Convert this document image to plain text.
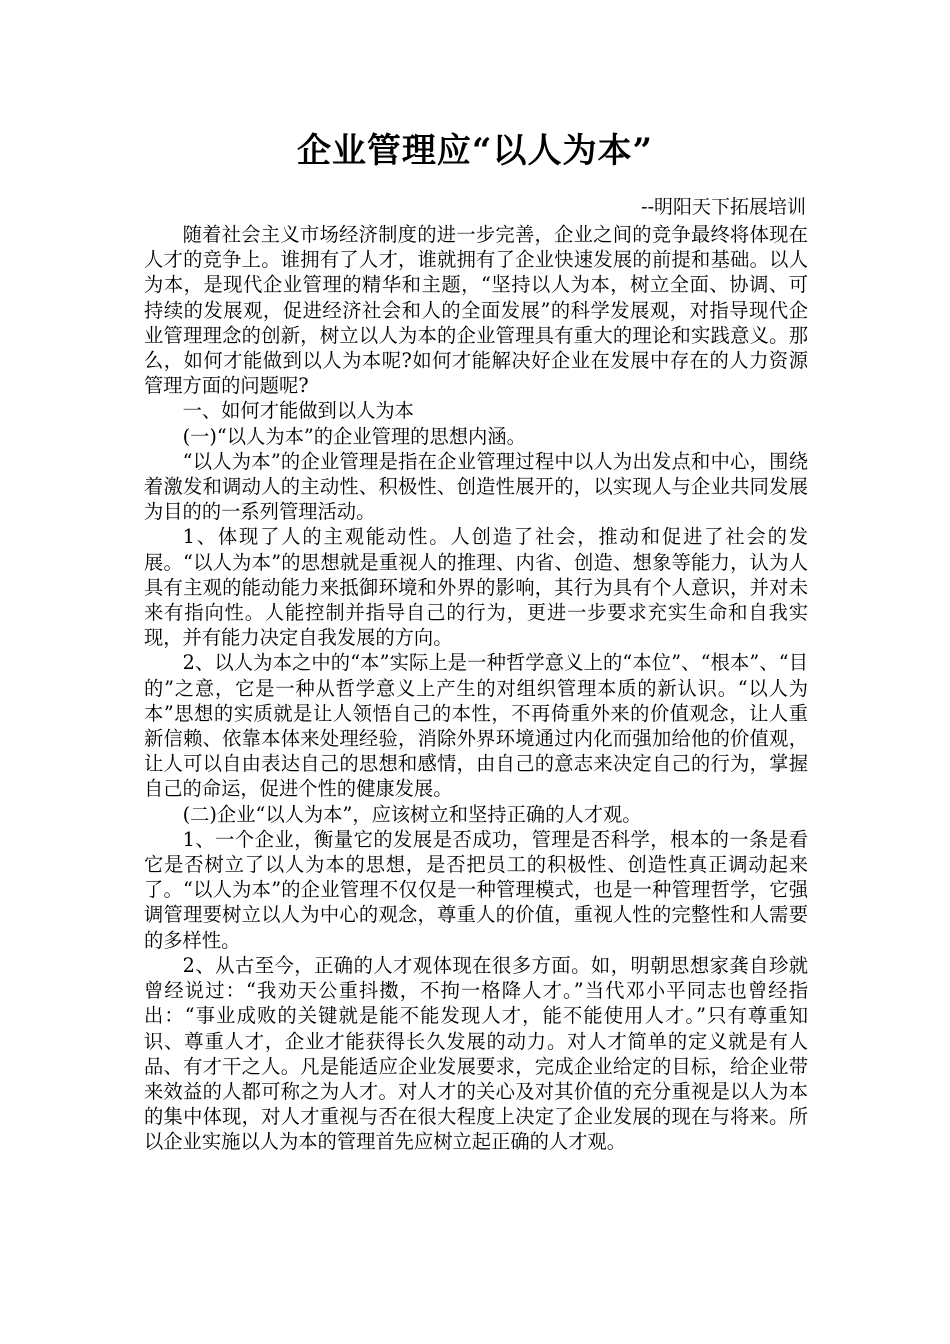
企业管理应“以人为本”
--明阳天下拓展培训

随着社会主义市场经济制度的进一步完善，企业之间的竞争最终将体现在人才的竞争上。谁拥有了人才，谁就拥有了企业快速发展的前提和基础。以人为本，是现代企业管理的精华和主题，“坚持以人为本，树立全面、协调、可持续的发展观，促进经济社会和人的全面发展”的科学发展观，对指导现代企业管理理念的创新，树立以人为本的企业管理具有重大的理论和实践意义。那么，如何才能做到以人为本呢?如何才能解决好企业在发展中存在的人力资源管理方面的问题呢?

一、如何才能做到以人为本

(一)“以人为本”的企业管理的思想内涵。

“以人为本”的企业管理是指在企业管理过程中以人为出发点和中心，围绕着激发和调动人的主动性、积极性、创造性展开的，以实现人与企业共同发展为目的的一系列管理活动。

1、体现了人的主观能动性。人创造了社会，推动和促进了社会的发展。“以人为本”的思想就是重视人的推理、内省、创造、想象等能力，认为人具有主观的能动能力来抵御环境和外界的影响，其行为具有个人意识，并对未来有指向性。人能控制并指导自己的行为，更进一步要求充实生命和自我实现，并有能力决定自我发展的方向。

2、以人为本之中的“本”实际上是一种哲学意义上的“本位”、“根本”、“目的”之意，它是一种从哲学意义上产生的对组织管理本质的新认识。“以人为本”思想的实质就是让人领悟自己的本性，不再倚重外来的价值观念，让人重新信赖、依靠本体来处理经验，消除外界环境通过内化而强加给他的价值观，让人可以自由表达自己的思想和感情，由自己的意志来决定自己的行为，掌握自己的命运，促进个性的健康发展。

(二)企业“以人为本”，应该树立和坚持正确的人才观。

1、一个企业，衡量它的发展是否成功，管理是否科学，根本的一条是看它是否树立了以人为本的思想，是否把员工的积极性、创造性真正调动起来了。“以人为本”的企业管理不仅仅是一种管理模式，也是一种管理哲学，它强调管理要树立以人为中心的观念，尊重人的价值，重视人性的完整性和人需要的多样性。

2、从古至今，正确的人才观体现在很多方面。如，明朝思想家龚自珍就曾经说过：“我劝天公重抖擞，不拘一格降人才。”当代邓小平同志也曾经指出：“事业成败的关键就是能不能发现人才，能不能使用人才。”只有尊重知识、尊重人才，企业才能获得长久发展的动力。对人才简单的定义就是有人品、有才干之人。凡是能适应企业发展要求，完成企业给定的目标，给企业带来效益的人都可称之为人才。对人才的关心及对其价值的充分重视是以人为本的集中体现，对人才重视与否在很大程度上决定了企业发展的现在与将来。所以企业实施以人为本的管理首先应树立起正确的人才观。
